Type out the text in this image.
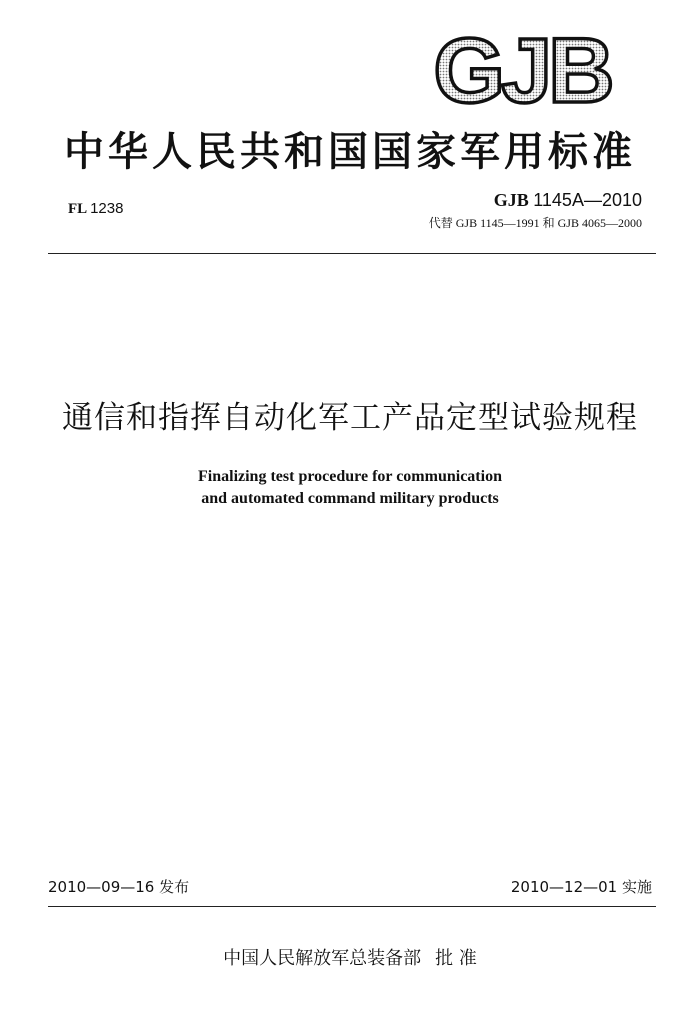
GJB
中华人民共和国国家军用标准
FL 1238	GJB 1145A—2010
代替 GJB 1145—1991 和 GJB 4065—2000
通信和指挥自动化军工产品定型试验规程
Finalizing test procedure for communication
and automated command military products
2010—09—16 发布	2010—12—01 实施
中国人民解放军总装备部 批 准
